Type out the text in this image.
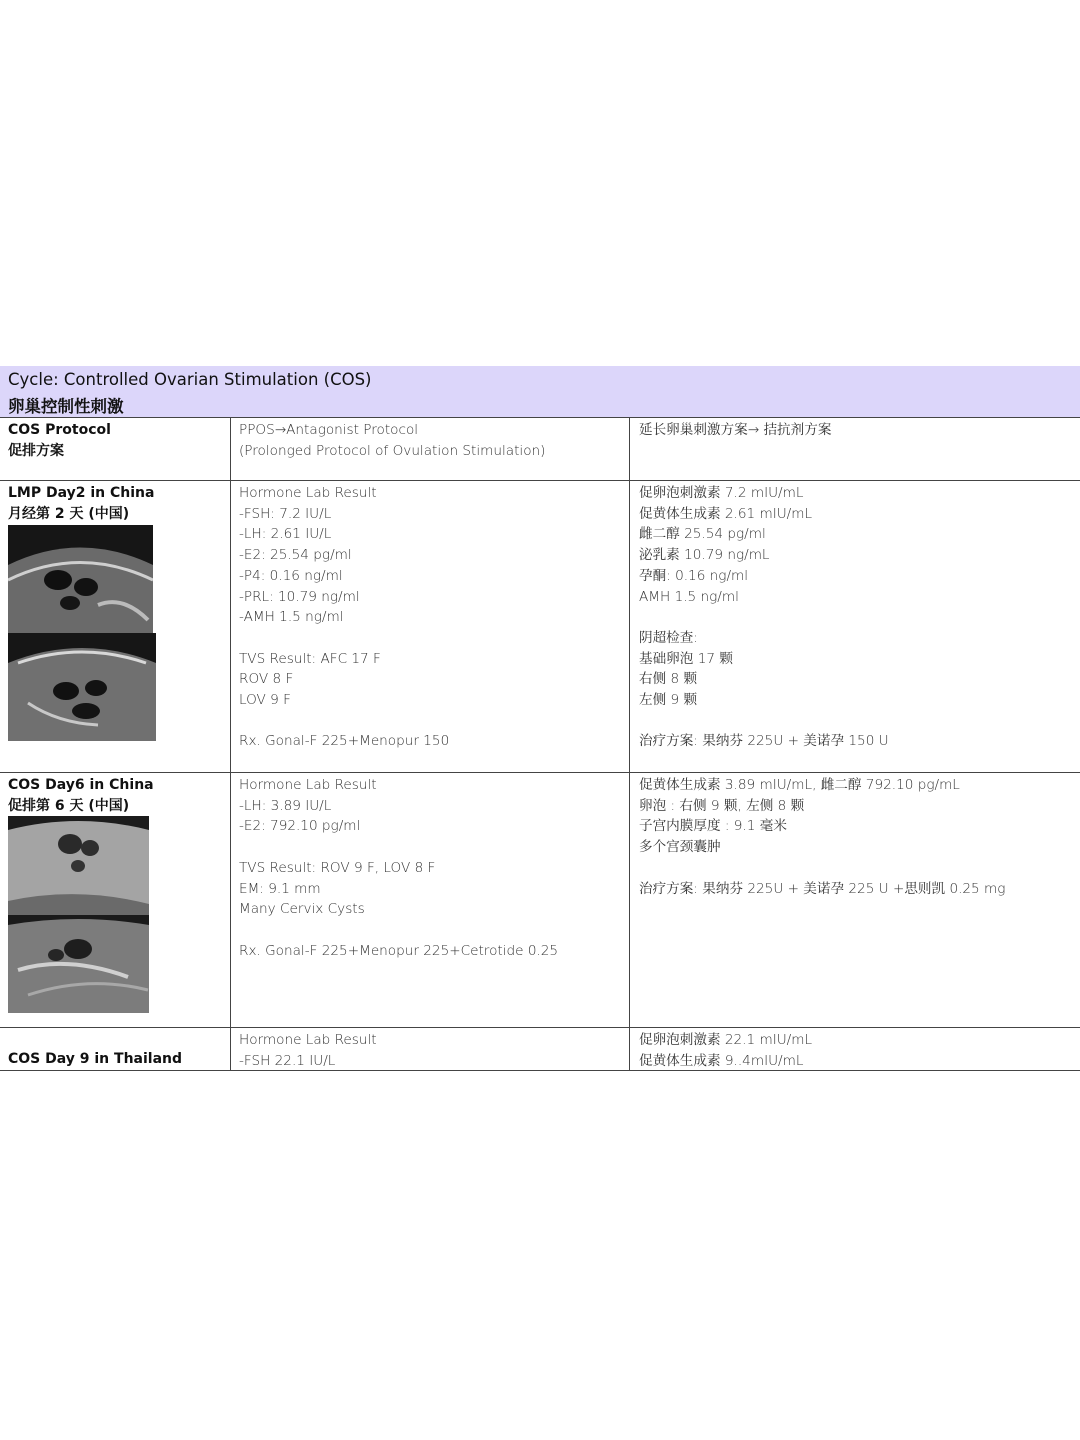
Cycle: Controlled Ovarian Stimulation (COS)
卵巢控制性刺激
COS Protocol
促排方案
PPOS→Antagonist Protocol
(Prolonged Protocol of Ovulation Stimulation)
延长卵巢刺激方案→ 拮抗剂方案
LMP Day2 in China
月经第 2 天 (中国)
Hormone Lab Result
-FSH: 7.2 IU/L
-LH: 2.61 IU/L
-E2: 25.54 pg/ml
-P4: 0.16 ng/ml
-PRL: 10.79 ng/ml
-AMH 1.5 ng/ml
TVS Result: AFC 17 F
ROV 8 F
LOV 9 F
Rx. Gonal-F 225+Menopur 150
促卵泡刺激素 7.2 mIU/mL
促黄体生成素 2.61 mIU/mL
雌二醇 25.54 pg/ml
泌乳素 10.79 ng/mL
孕酮: 0.16 ng/ml
AMH 1.5 ng/ml
阴超检查:
基础卵泡 17 颗
右侧 8 颗
左侧 9 颗
治疗方案: 果纳芬 225U + 美诺孕 150 U
COS Day6 in China
促排第 6 天 (中国)
Hormone Lab Result
-LH: 3.89 IU/L
-E2: 792.10 pg/ml
TVS Result: ROV 9 F, LOV 8 F
EM: 9.1 mm
Many Cervix Cysts
Rx. Gonal-F 225+Menopur 225+Cetrotide 0.25
促黄体生成素 3.89 mIU/mL, 雌二醇 792.10 pg/mL
卵泡 : 右侧 9 颗, 左侧 8 颗
子宫内膜厚度 : 9.1 毫米
多个宫颈囊肿
治疗方案: 果纳芬 225U + 美诺孕 225 U +思则凯 0.25 mg
COS Day 9 in Thailand
Hormone Lab Result
-FSH 22.1 IU/L
促卵泡刺激素 22.1 mIU/mL
促黄体生成素 9..4mIU/mL
